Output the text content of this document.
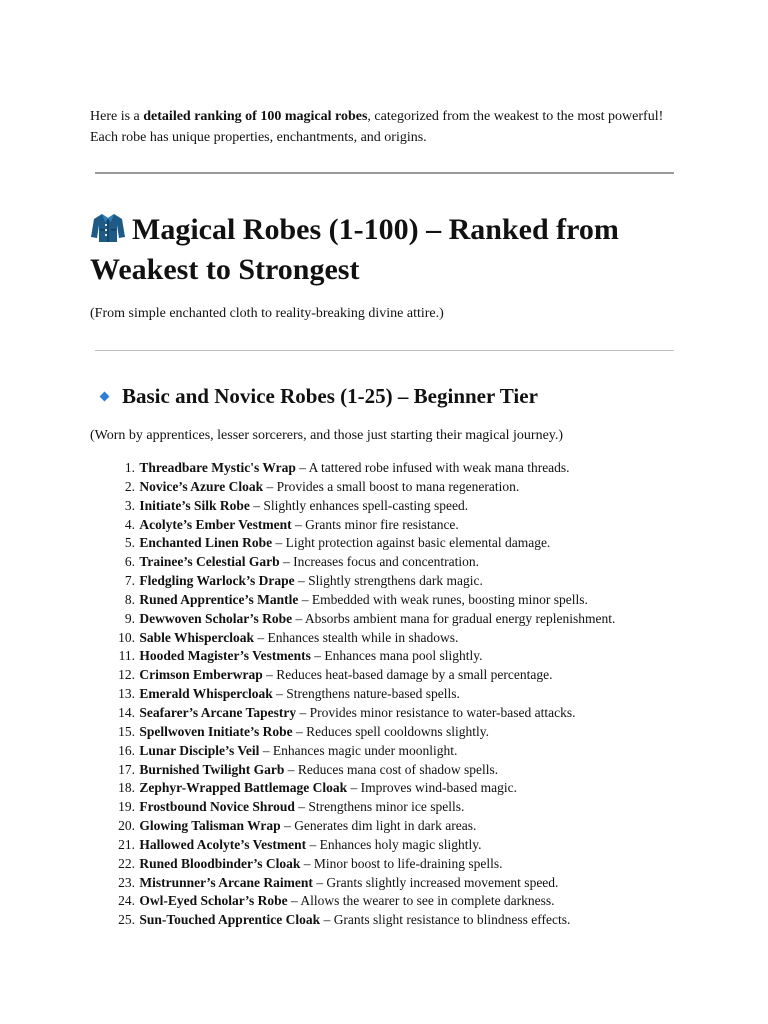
Here is a detailed ranking of 100 magical robes, categorized from the weakest to the most powerful! Each robe has unique properties, enchantments, and origins.

Magical Robes (1-100) – Ranked from Weakest to Strongest

(From simple enchanted cloth to reality-breaking divine attire.)

Basic and Novice Robes (1-25) – Beginner Tier

(Worn by apprentices, lesser sorcerers, and those just starting their magical journey.)

1. Threadbare Mystic's Wrap – A tattered robe infused with weak mana threads.
2. Novice’s Azure Cloak – Provides a small boost to mana regeneration.
3. Initiate’s Silk Robe – Slightly enhances spell-casting speed.
4. Acolyte’s Ember Vestment – Grants minor fire resistance.
5. Enchanted Linen Robe – Light protection against basic elemental damage.
6. Trainee’s Celestial Garb – Increases focus and concentration.
7. Fledgling Warlock’s Drape – Slightly strengthens dark magic.
8. Runed Apprentice’s Mantle – Embedded with weak runes, boosting minor spells.
9. Dewwoven Scholar’s Robe – Absorbs ambient mana for gradual energy replenishment.
10. Sable Whispercloak – Enhances stealth while in shadows.
11. Hooded Magister’s Vestments – Enhances mana pool slightly.
12. Crimson Emberwrap – Reduces heat-based damage by a small percentage.
13. Emerald Whispercloak – Strengthens nature-based spells.
14. Seafarer’s Arcane Tapestry – Provides minor resistance to water-based attacks.
15. Spellwoven Initiate’s Robe – Reduces spell cooldowns slightly.
16. Lunar Disciple’s Veil – Enhances magic under moonlight.
17. Burnished Twilight Garb – Reduces mana cost of shadow spells.
18. Zephyr-Wrapped Battlemage Cloak – Improves wind-based magic.
19. Frostbound Novice Shroud – Strengthens minor ice spells.
20. Glowing Talisman Wrap – Generates dim light in dark areas.
21. Hallowed Acolyte’s Vestment – Enhances holy magic slightly.
22. Runed Bloodbinder’s Cloak – Minor boost to life-draining spells.
23. Mistrunner’s Arcane Raiment – Grants slightly increased movement speed.
24. Owl-Eyed Scholar’s Robe – Allows the wearer to see in complete darkness.
25. Sun-Touched Apprentice Cloak – Grants slight resistance to blindness effects.
